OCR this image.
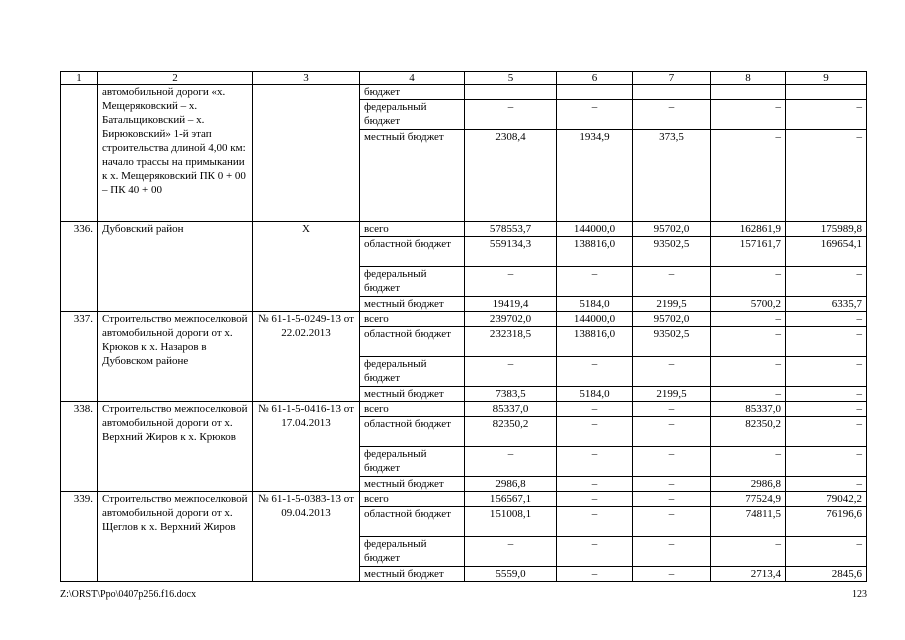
1	2	3	4	5	6	7	8	9
	автомобильной дороги «х. Мещеряковский – х. Батальщиковский – х. Бирюковский» 1-й этап строительства длиной 4,00 км: начало трассы на примыкании к х. Мещеряковский ПК 0 + 00 – ПК 40 + 00		бюджет					
			федеральный бюджет	–	–	–	–	–
			местный бюджет	2308,4	1934,9	373,5	–	–
336.	Дубовский район	Х	всего	578553,7	144000,0	95702,0	162861,9	175989,8
			областной бюджет	559134,3	138816,0	93502,5	157161,7	169654,1
			федеральный бюджет	–	–	–	–	–
			местный бюджет	19419,4	5184,0	2199,5	5700,2	6335,7
337.	Строительство межпоселковой автомобильной дороги от х. Крюков к х. Назаров в Дубовском районе	№ 61-1-5-0249-13 от 22.02.2013	всего	239702,0	144000,0	95702,0	–	–
			областной бюджет	232318,5	138816,0	93502,5	–	–
			федеральный бюджет	–	–	–	–	–
			местный бюджет	7383,5	5184,0	2199,5	–	–
338.	Строительство межпоселковой автомобильной дороги от х. Верхний Жиров к х. Крюков	№ 61-1-5-0416-13 от 17.04.2013	всего	85337,0	–	–	85337,0	–
			областной бюджет	82350,2	–	–	82350,2	–
			федеральный бюджет	–	–	–	–	–
			местный бюджет	2986,8	–	–	2986,8	–
339.	Строительство межпоселковой автомобильной дороги от х. Щеглов к х. Верхний Жиров	№ 61-1-5-0383-13 от 09.04.2013	всего	156567,1	–	–	77524,9	79042,2
			областной бюджет	151008,1	–	–	74811,5	76196,6
			федеральный бюджет	–	–	–	–	–
			местный бюджет	5559,0	–	–	2713,4	2845,6
Z:\ORST\Ppo\0407p256.f16.docx	123
